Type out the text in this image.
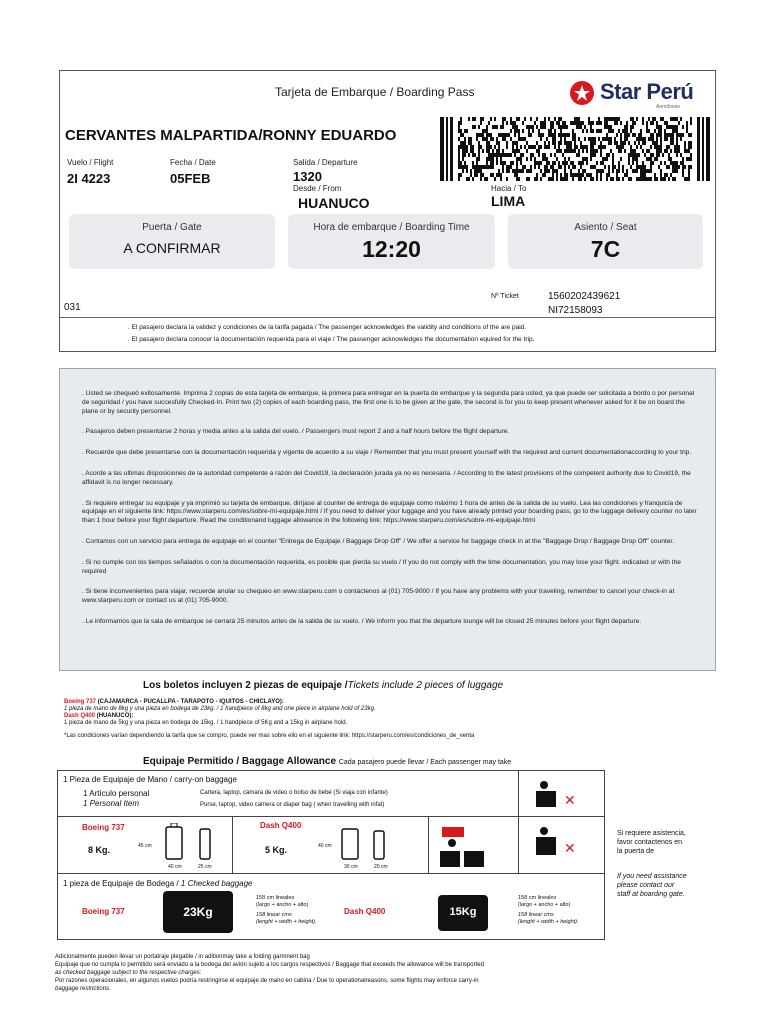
Tarjeta de Embarque / Boarding Pass	Star Perú
Aerolíneas
CERVANTES MALPARTIDA/RONNY EDUARDO
Vuelo / Flight
2I 4223
Fecha / Date
05FEB
Salida / Departure
1320
Desde / From
HUANUCO
Hacia / To
LIMA
Puerta / Gate
A CONFIRMAR
Hora de embarque / Boarding Time
12:20
Asiento / Seat
7C
031
Nº Ticket	1560202439621
NI72158093
. El pasajero declara la validez y condiciones de la tarifa pagada / The passenger acknowledges the validity and conditions of the are paid.
. El pasajero declara conocer la documentación requerida para el viaje / The passenger acknowledges the documentation equired for the trip.

. Usted se chequeó exitosamente. Imprima 2 copias de esta tarjeta de embarque, la primera para entregar en la puerta de embarque y la segunda para usted, ya que puede ser solicitada a bordo o por personal de seguridad / you have succesfully Checked-In. Print two (2) copies of each boarding pass, the first one is to be given at the gate, the second is for you to keep present whenever asked for it be on board the plane or by security personnel.

. Pasajeros deben presentarse 2 horas y media antes a la salida del vuelo. / Passengers must report 2 and a half hours before the flight departure.

. Recuerde que debe presentarse con la documentación requerida y vigente de acuerdo a su viaje / Remember that you must present yourself with the required and current documentationaccording to your trip.

. Acorde a las ultimas disposiciones de la autoridad competente a razón del Covid19, la declaración jurada ya no es necesaria. / According to the latest provisions of the competent authority due to Covid19, the affidavit is no longer necessary.

. Si requiere entregar su equipaje y ya imprimió su tarjeta de embarque, diríjase al counter de entrega de equipaje como máximo 1 hora de antes de la salida de su vuelo. Lea las condiciones y franquicia de equipaje en el siguiente link: https://www.starperu.com/es/sobre-mi-equipaje.html / If you need to deliver your luggage and you have already printed your boarding pass, go to the luggage delivery counter no later than 1 hour before your flight departure. Read the conditionand luggage allowance in the following link: https://www.starperu.com/es/sobre-mi-equipaje.html

. Contamos con un servicio para entrega de equipaje en el counter "Entrega de Equipaje / Baggage Drop Off" / We offer a service for baggage check in at the "Baggage Drop / Baggage Drop Off" counter.

. Si no cumple con los tiempos señalados o con la documentación requerida, es posible que pierda su vuelo / If you do not comply with the time documentation, you may lose your flight. indicated or with the required

. Si tiene inconvenientes para viajar, recuerde anular su chequeo en www.starperu.com o contáctenos al (01) 705-9000 / If you have any problems with your traveling, remember to cancel your check-in at www.starperu.com or contact us at (01) 705-9000.

. Le informamos que la sala de embarque se cerrará 25 minutos antes de la salida de su vuelo. / We inform you that the departure lounge will be closed 25 minutes before your flight departure.

Los boletos incluyen 2 piezas de equipaje /Tickets include 2 pieces of luggage
Boeing 737 (CAJAMARCA - PUCALLPA - TARAPOTO - IQUITOS - CHICLAYO):
1 pieza de mano de 8kg y una pieza en bodega de 23kg. / 1 handpiece of 8kg and one piece in airplane hold of 23kg.
Dash Q400 (HUANUCO):
1 pieza de mano de 5kg y una pieza en bodega de 15kg. / 1 handpiece of 5Kg and a 15kg in airplane hold.
*Las condiciones varían dependiendo la tarifa que se compro, puede ver mas sobre ello en el siguiente link: https://starperu.com/es/condiciones_de_venta
Equipaje Permitido / Baggage Allowance Cada pasajero puede llevar / Each passenger may take
1 Pieza de Equipaje de Mano / carry-on baggage
1 Artículo personal
1 Personal Item
Cartera, laptop, cámara de video o bolso de bebé (Si viaja con infante)
Purse, laptop, video camera or diaper bag ( when travelling with infat)
Boeing 737
8 Kg.	45 cm
40 cm	25 cm
Dash Q400
5 Kg.	40 cm
30 cm	20 cm
✕
✕
1 pieza de Equipaje de Bodega / 1 Checked baggage
Boeing 737	23Kg
158 cm lineales
(largo + ancho + alto)
158 linear cms
(lenght + width + height).
Dash Q400	15Kg
158 cm lineales
(largo + ancho + alto)
158 linear cms
(lenght + width + height).
Si requiere asistencia,
favor contactenos en
la puerta de
If you need assistance
please contact our
staff at boarding gate.
Adicionalmente pueden llevar un portatraje plegable / in aditionmay take a folding garmnent bag
Equipaje que no cumpla lo permitido será enviado a la bodega del avión sujeto a los cargos respectivos / Baggage that exceeds the allowance will be transported
as checked baggage subject to the respective charges:
Por razones operacionales, en algunos vuelos podría restringirse el equipaje de mano en cabina / Due to operationalreasons, some flights may enforce carry-in
baggage restrictions.
